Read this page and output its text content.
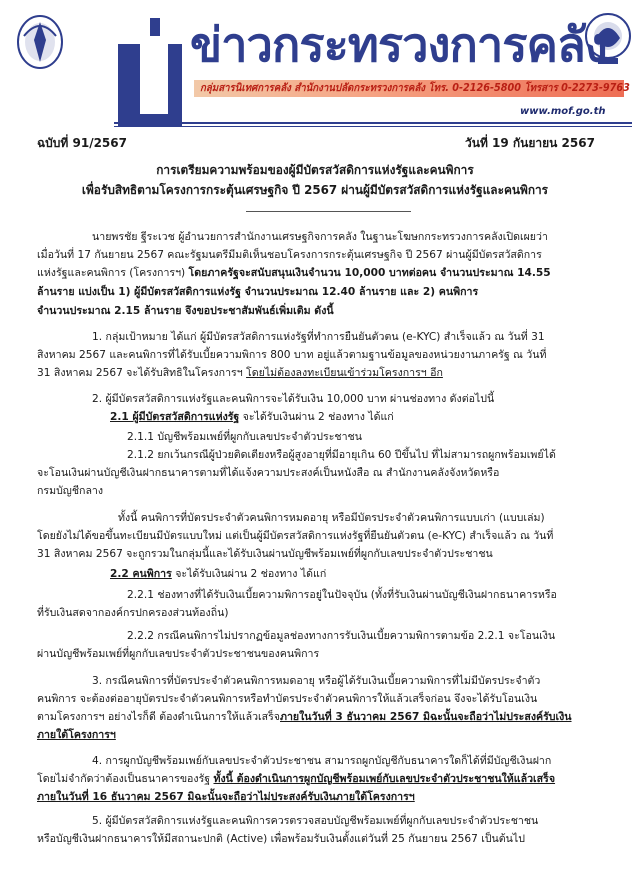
ข่าวกระทรวงการคลัง
กลุ่มสารนิเทศการคลัง สำนักงานปลัดกระทรวงการคลัง โทร. 0-2126-5800 โทรสาร 0-2273-9763
www.mof.go.th
ฉบับที่ 91/2567	วันที่ 19 กันยายน 2567
การเตรียมความพร้อมของผู้มีบัตรสวัสดิการแห่งรัฐและคนพิการ
เพื่อรับสิทธิตามโครงการกระตุ้นเศรษฐกิจ ปี 2567 ผ่านผู้มีบัตรสวัสดิการแห่งรัฐและคนพิการ
นายพรชัย ฐีระเวช ผู้อำนวยการสำนักงานเศรษฐกิจการคลัง ในฐานะโฆษกกระทรวงการคลังเปิดเผยว่า
เมื่อวันที่ 17 กันยายน 2567 คณะรัฐมนตรีมีมติเห็นชอบโครงการกระตุ้นเศรษฐกิจ ปี 2567 ผ่านผู้มีบัตรสวัสดิการ
แห่งรัฐและคนพิการ (โครงการฯ) โดยภาครัฐจะสนับสนุนเงินจำนวน 10,000 บาทต่อคน จำนวนประมาณ 14.55
ล้านราย แบ่งเป็น 1) ผู้มีบัตรสวัสดิการแห่งรัฐ จำนวนประมาณ 12.40 ล้านราย และ 2) คนพิการ
จำนวนประมาณ 2.15 ล้านราย จึงขอประชาสัมพันธ์เพิ่มเติม ดังนี้
1. กลุ่มเป้าหมาย ได้แก่ ผู้มีบัตรสวัสดิการแห่งรัฐที่ทำการยืนยันตัวตน (e-KYC) สำเร็จแล้ว ณ วันที่ 31
สิงหาคม 2567 และคนพิการที่ได้รับเบี้ยความพิการ 800 บาท อยู่แล้วตามฐานข้อมูลของหน่วยงานภาครัฐ ณ วันที่
31 สิงหาคม 2567 จะได้รับสิทธิในโครงการฯ โดยไม่ต้องลงทะเบียนเข้าร่วมโครงการฯ อีก
2. ผู้มีบัตรสวัสดิการแห่งรัฐและคนพิการจะได้รับเงิน 10,000 บาท ผ่านช่องทาง ดังต่อไปนี้
2.1 ผู้มีบัตรสวัสดิการแห่งรัฐ จะได้รับเงินผ่าน 2 ช่องทาง ได้แก่
2.1.1 บัญชีพร้อมเพย์ที่ผูกกับเลขประจำตัวประชาชน
2.1.2 ยกเว้นกรณีผู้ป่วยติดเตียงหรือผู้สูงอายุที่มีอายุเกิน 60 ปีขึ้นไป ที่ไม่สามารถผูกพร้อมเพย์ได้
จะโอนเงินผ่านบัญชีเงินฝากธนาคารตามที่ได้แจ้งความประสงค์เป็นหนังสือ ณ สำนักงานคลังจังหวัดหรือ
กรมบัญชีกลาง
ทั้งนี้ คนพิการที่บัตรประจำตัวคนพิการหมดอายุ หรือมีบัตรประจำตัวคนพิการแบบเก่า (แบบเล่ม)
โดยยังไม่ได้ขอขึ้นทะเบียนมีบัตรแบบใหม่ แต่เป็นผู้มีบัตรสวัสดิการแห่งรัฐที่ยืนยันตัวตน (e-KYC) สำเร็จแล้ว ณ วันที่
31 สิงหาคม 2567 จะถูกรวมในกลุ่มนี้และได้รับเงินผ่านบัญชีพร้อมเพย์ที่ผูกกับเลขประจำตัวประชาชน
2.2 คนพิการ จะได้รับเงินผ่าน 2 ช่องทาง ได้แก่
2.2.1 ช่องทางที่ได้รับเงินเบี้ยความพิการอยู่ในปัจจุบัน (ทั้งที่รับเงินผ่านบัญชีเงินฝากธนาคารหรือ
ที่รับเงินสดจากองค์กรปกครองส่วนท้องถิ่น)
2.2.2 กรณีคนพิการไม่ปรากฏข้อมูลช่องทางการรับเงินเบี้ยความพิการตามข้อ 2.2.1 จะโอนเงิน
ผ่านบัญชีพร้อมเพย์ที่ผูกกับเลขประจำตัวประชาชนของคนพิการ
3. กรณีคนพิการที่บัตรประจำตัวคนพิการหมดอายุ หรือผู้ได้รับเงินเบี้ยความพิการที่ไม่มีบัตรประจำตัว
คนพิการ จะต้องต่ออายุบัตรประจำตัวคนพิการหรือทำบัตรประจำตัวคนพิการให้แล้วเสร็จก่อน จึงจะได้รับโอนเงิน
ตามโครงการฯ อย่างไรก็ดี ต้องดำเนินการให้แล้วเสร็จภายในวันที่ 3 ธันวาคม 2567 มิฉะนั้นจะถือว่าไม่ประสงค์รับเงิน
ภายใต้โครงการฯ
4. การผูกบัญชีพร้อมเพย์กับเลขประจำตัวประชาชน สามารถผูกบัญชีกับธนาคารใดก็ได้ที่มีบัญชีเงินฝาก
โดยไม่จำกัดว่าต้องเป็นธนาคารของรัฐ ทั้งนี้ ต้องดำเนินการผูกบัญชีพร้อมเพย์กับเลขประจำตัวประชาชนให้แล้วเสร็จ
ภายในวันที่ 16 ธันวาคม 2567 มิฉะนั้นจะถือว่าไม่ประสงค์รับเงินภายใต้โครงการฯ
5. ผู้มีบัตรสวัสดิการแห่งรัฐและคนพิการควรตรวจสอบบัญชีพร้อมเพย์ที่ผูกกับเลขประจำตัวประชาชน
หรือบัญชีเงินฝากธนาคารให้มีสถานะปกติ (Active) เพื่อพร้อมรับเงินตั้งแต่วันที่ 25 กันยายน 2567 เป็นต้นไป
